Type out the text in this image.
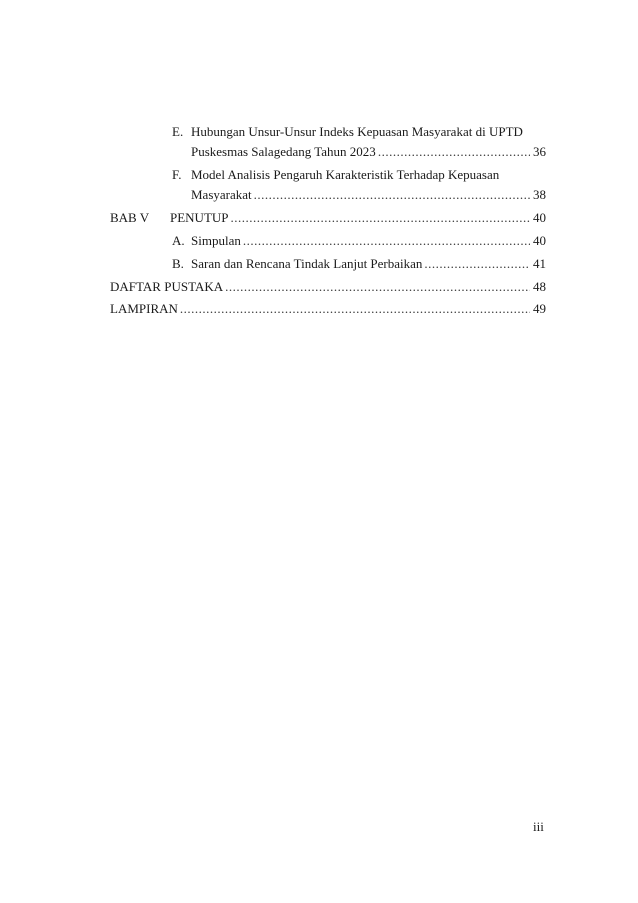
E. Hubungan Unsur-Unsur Indeks Kepuasan Masyarakat di UPTD
Puskesmas Salagedang Tahun 2023 .....	36
F. Model Analisis Pengaruh Karakteristik Terhadap Kepuasan
Masyarakat .....	38
BAB V PENUTUP .....	40
A. Simpulan .....	40
B. Saran dan Rencana Tindak Lanjut Perbaikan .....	41
DAFTAR PUSTAKA .....	48
LAMPIRAN .....	49
iii
